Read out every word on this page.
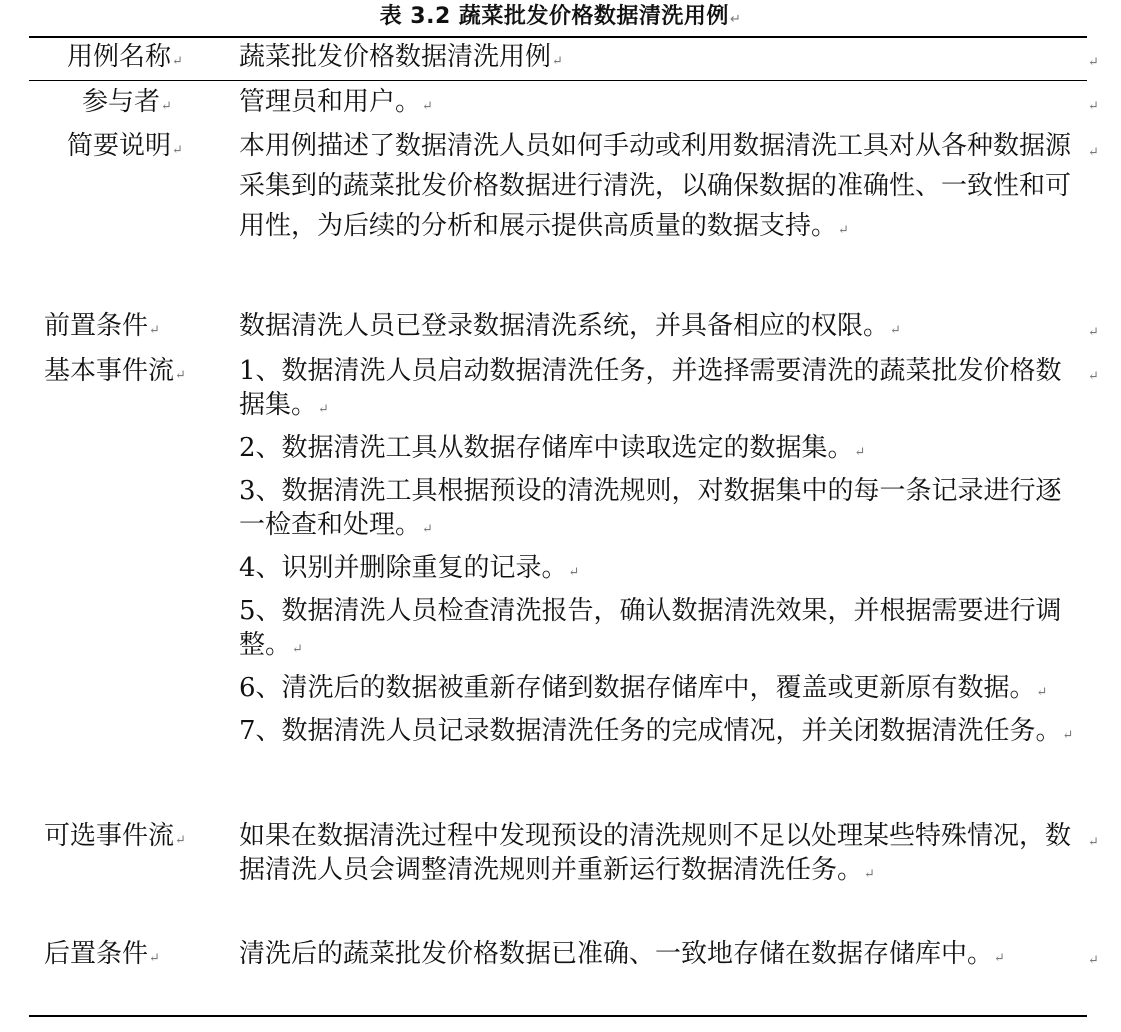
表 3.2 蔬菜批发价格数据清洗用例↵
用例名称↵ 蔬菜批发价格数据清洗用例↵	↵
参与者↵	管理员和用户。↵	↵
简要说明↵ 本用例描述了数据清洗人员如何手动或利用数据清洗工具对从各种数据源采集到的蔬菜批发价格数据进行清洗，以确保数据的准确性、一致性和可用性，为后续的分析和展示提供高质量的数据支持。↵
↵
前置条件↵	数据清洗人员已登录数据清洗系统，并具备相应的权限。↵	↵
基本事件流↵ 1、数据清洗人员启动数据清洗任务，并选择需要清洗的蔬菜批发价格数据集。↵
2、数据清洗工具从数据存储库中读取选定的数据集。↵
3、数据清洗工具根据预设的清洗规则，对数据集中的每一条记录进行逐一检查和处理。↵
4、识别并删除重复的记录。↵
5、数据清洗人员检查清洗报告，确认数据清洗效果，并根据需要进行调整。↵
6、清洗后的数据被重新存储到数据存储库中，覆盖或更新原有数据。↵
7、数据清洗人员记录数据清洗任务的完成情况，并关闭数据清洗任务。↵
↵
可选事件流↵ 如果在数据清洗过程中发现预设的清洗规则不足以处理某些特殊情况，数据清洗人员会调整清洗规则并重新运行数据清洗任务。↵
↵
后置条件↵	清洗后的蔬菜批发价格数据已准确、一致地存储在数据存储库中。↵	↵
